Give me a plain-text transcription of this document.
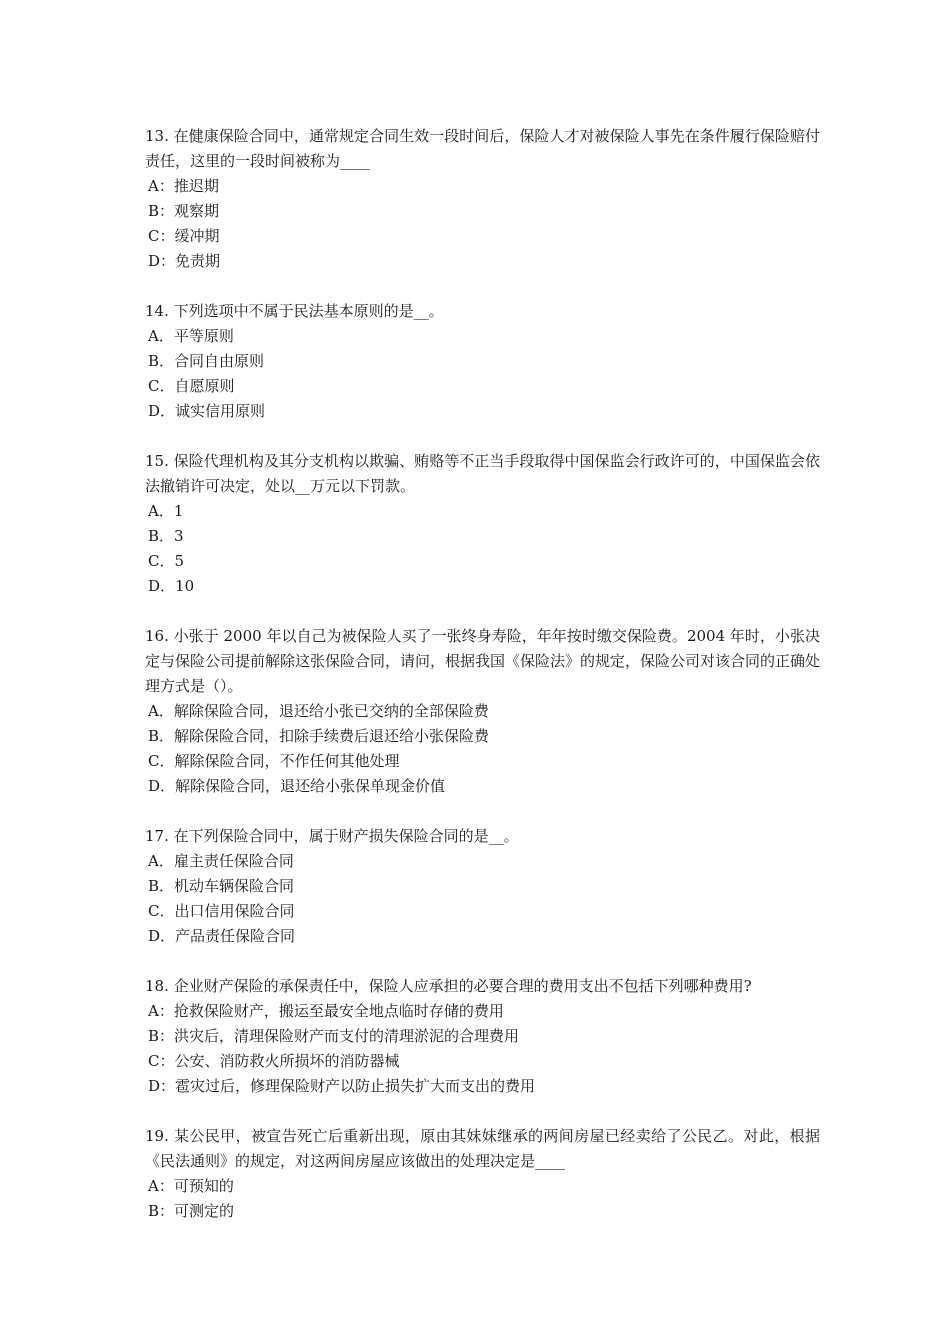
13. 在健康保险合同中，通常规定合同生效一段时间后，保险人才对被保险人事先在条件履行保险赔付责任，这里的一段时间被称为____

A：推迟期

B：观察期

C：缓冲期

D：免责期

14. 下列选项中不属于民法基本原则的是__。

A．平等原则

B．合同自由原则

C．自愿原则

D．诚实信用原则

15. 保险代理机构及其分支机构以欺骗、贿赂等不正当手段取得中国保监会行政许可的，中国保监会依法撤销许可决定，处以__万元以下罚款。

A．1

B．3

C．5

D．10

16. 小张于 2000 年以自己为被保险人买了一张终身寿险，年年按时缴交保险费。2004 年时，小张决定与保险公司提前解除这张保险合同，请问，根据我国《保险法》的规定，保险公司对该合同的正确处理方式是（）。

A．解除保险合同，退还给小张已交纳的全部保险费

B．解除保险合同，扣除手续费后退还给小张保险费

C．解除保险合同，不作任何其他处理

D．解除保险合同，退还给小张保单现金价值

17. 在下列保险合同中，属于财产损失保险合同的是__。

A．雇主责任保险合同

B．机动车辆保险合同

C．出口信用保险合同

D．产品责任保险合同

18. 企业财产保险的承保责任中，保险人应承担的必要合理的费用支出不包括下列哪种费用?

A：抢救保险财产，搬运至最安全地点临时存储的费用

B：洪灾后，清理保险财产而支付的清理淤泥的合理费用

C：公安、消防救火所损坏的消防器械

D：雹灾过后，修理保险财产以防止损失扩大而支出的费用

19. 某公民甲，被宣告死亡后重新出现，原由其妹妹继承的两间房屋已经卖给了公民乙。对此，根据《民法通则》的规定，对这两间房屋应该做出的处理决定是____

A：可预知的

B：可测定的
